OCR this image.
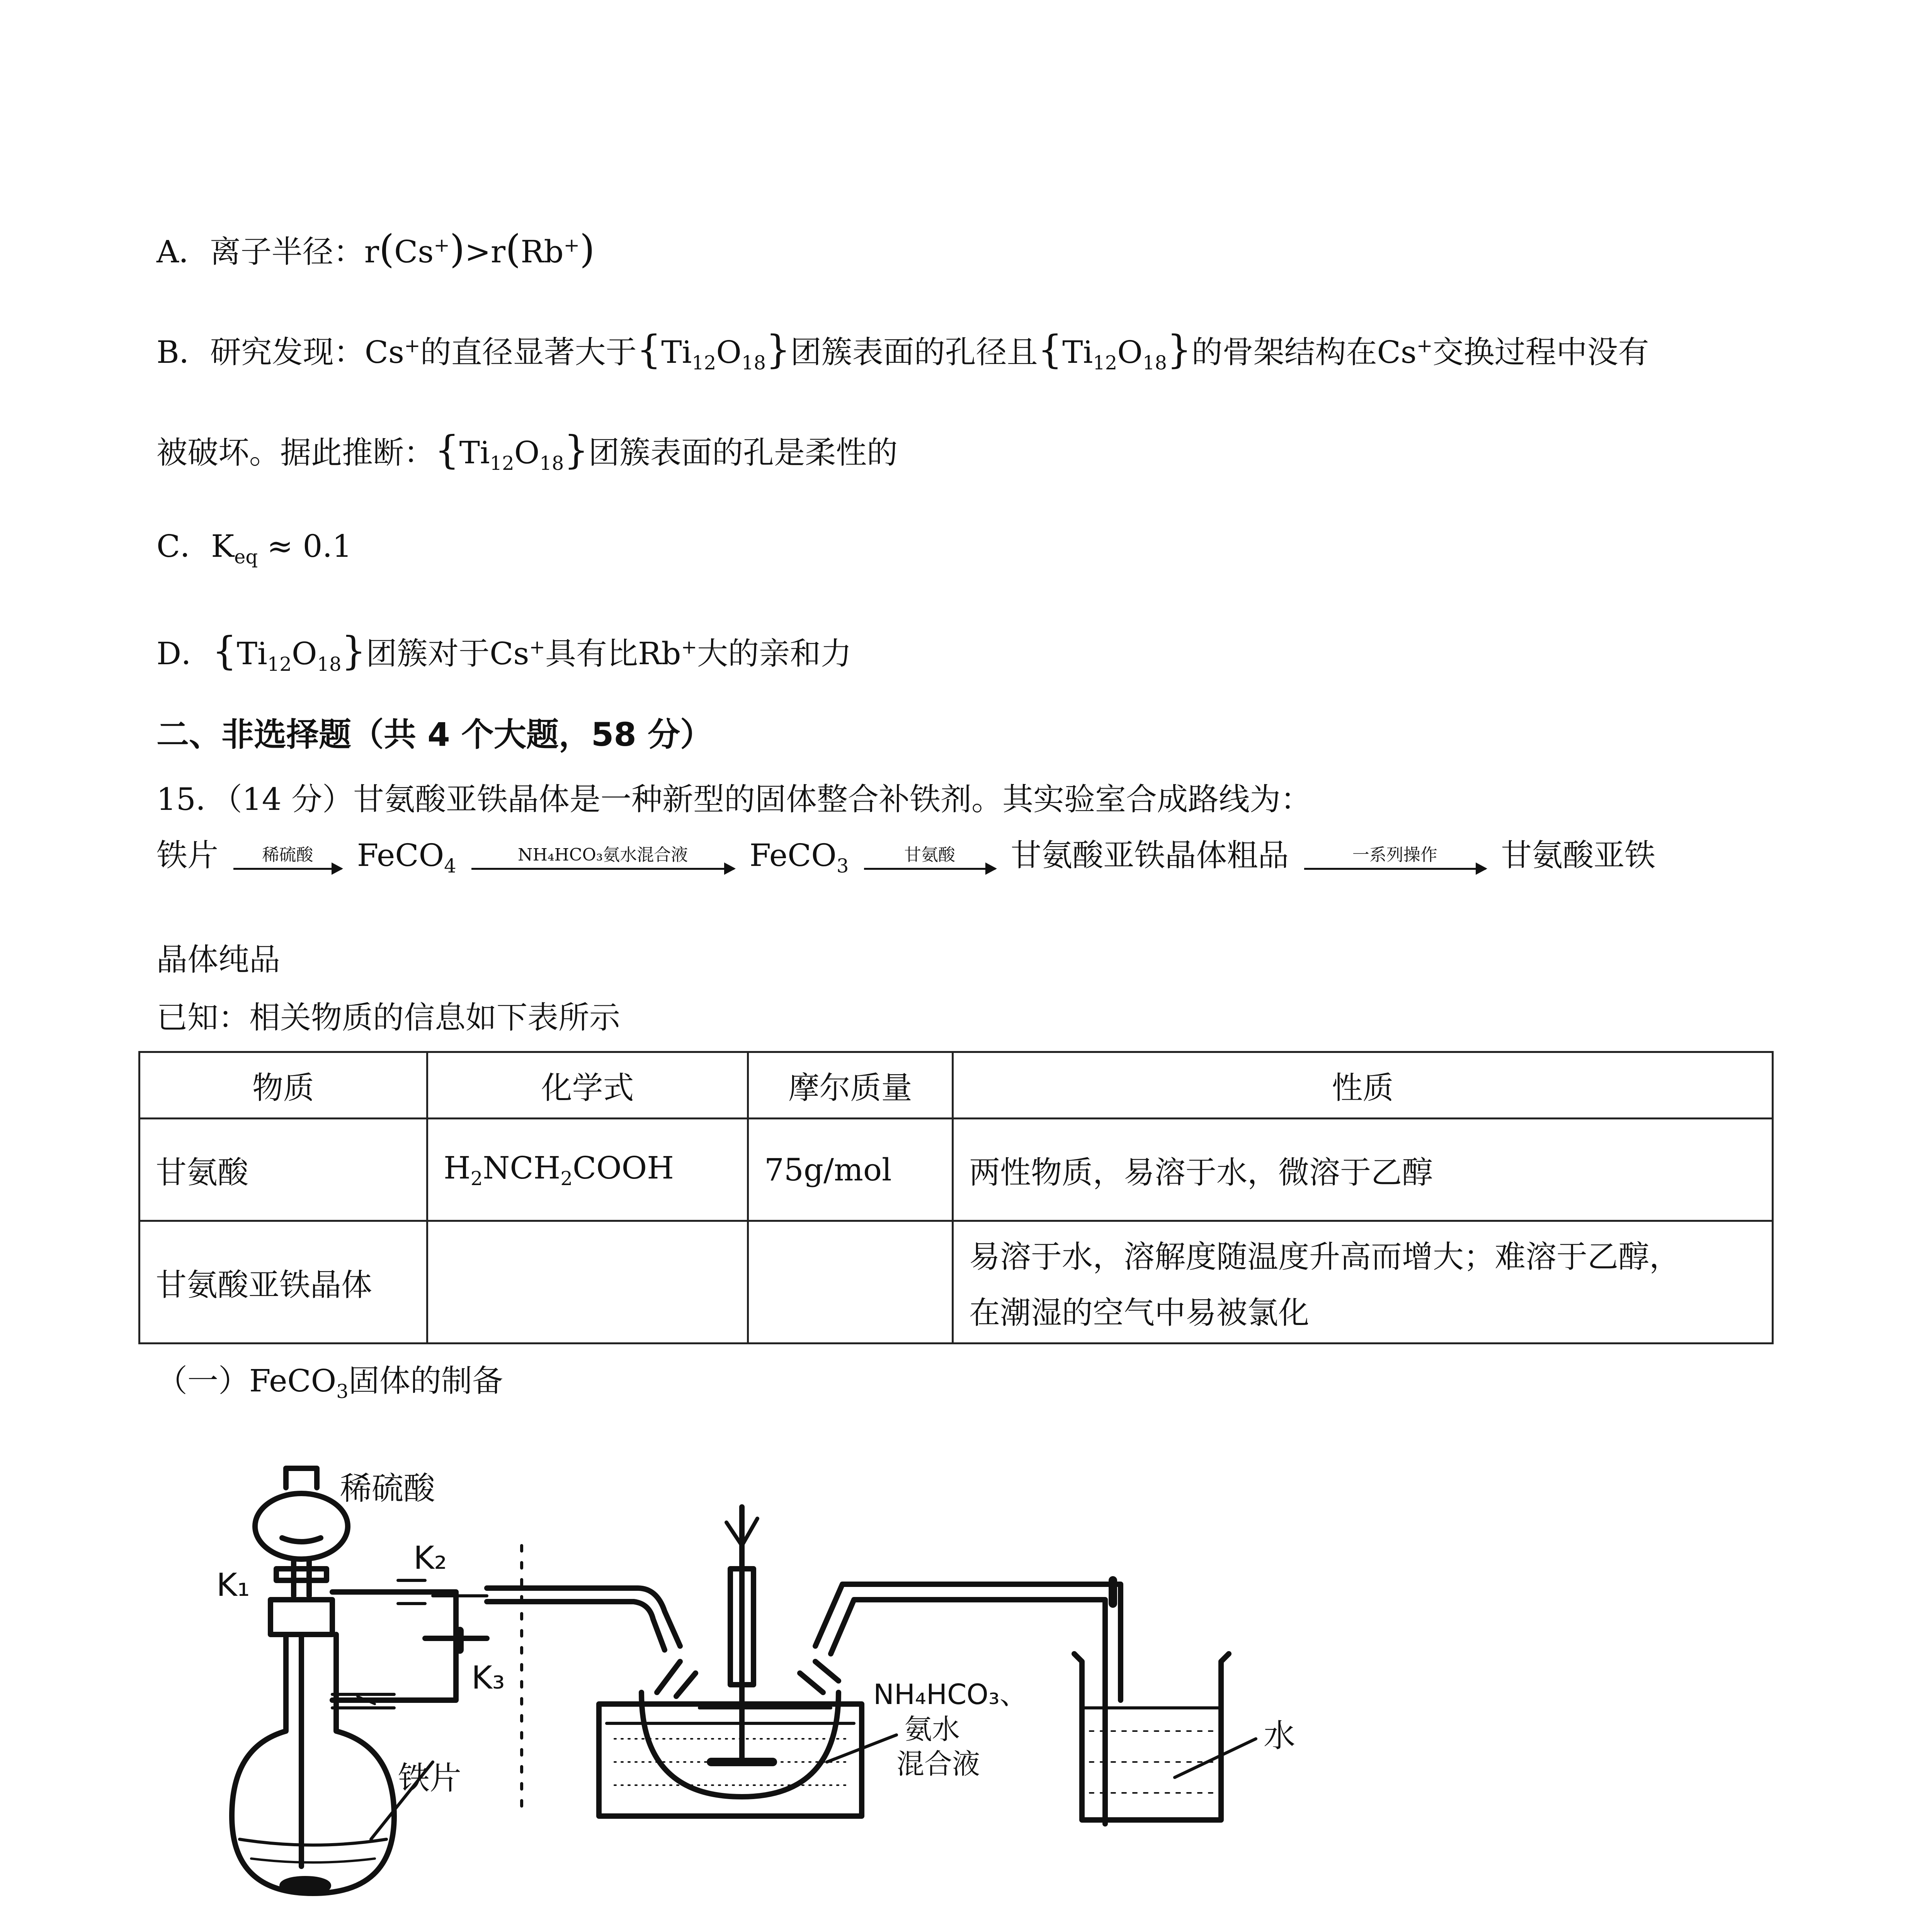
A．离子半径：r(Cs+)>r(Rb+)
B．研究发现：Cs+的直径显著大于$\{Ti_{12}O_{18}\}$团簇表面的孔径且$\{Ti_{12}O_{18}\}$的骨架结构在Cs+交换过程中没有
被破坏。据此推断：$\{Ti_{12}O_{18}\}$团簇表面的孔是柔性的
C．$K_{eq} \approx 0.1$
D．$\{Ti_{12}O_{18}\}$团簇对于Cs+具有比Rb+大的亲和力
二、非选择题（共 4 个大题，58 分）
15．（14 分）甘氨酸亚铁晶体是一种新型的固体整合补铁剂。其实验室合成路线为：
铁片	稀硫酸	FeCO$_4$	NH₄HCO₃氨水混合液	FeCO$_3$	甘氨酸	甘氨酸亚铁晶体粗品	一系列操作	甘氨酸亚铁
晶体纯品
已知：相关物质的信息如下表所示
物质	化学式	摩尔质量	性质
甘氨酸	$H_2NCH_2COOH$	75g/mol	两性物质，易溶于水，微溶于乙醇
甘氨酸亚铁晶体			易溶于水，溶解度随温度升高而增大；难溶于乙醇，
在潮湿的空气中易被氯化
（一）FeCO$_3$固体的制备
稀硫酸
K₁
K₂
K₃
铁片
NH₄HCO₃、
氨水
混合液
水
